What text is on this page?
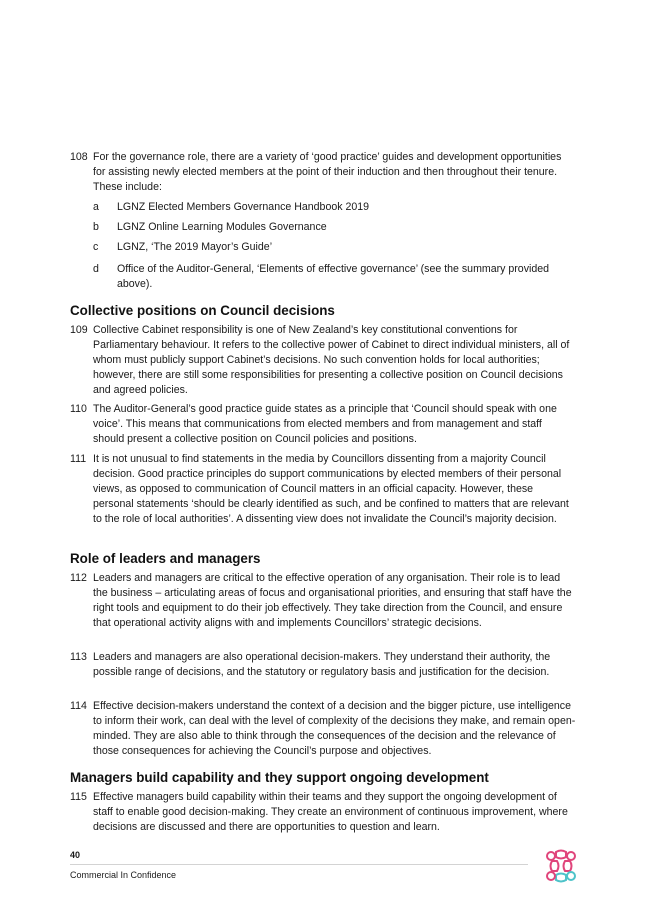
108 For the governance role, there are a variety of ‘good practice’ guides and development opportunities for assisting newly elected members at the point of their induction and then throughout their tenure. These include:
a LGNZ Elected Members Governance Handbook 2019
b LGNZ Online Learning Modules Governance
c LGNZ, ‘The 2019 Mayor’s Guide’
d Office of the Auditor-General, ‘Elements of effective governance’ (see the summary provided above).
Collective positions on Council decisions
109 Collective Cabinet responsibility is one of New Zealand’s key constitutional conventions for Parliamentary behaviour. It refers to the collective power of Cabinet to direct individual ministers, all of whom must publicly support Cabinet’s decisions. No such convention holds for local authorities; however, there are still some responsibilities for presenting a collective position on Council decisions and agreed policies.
110 The Auditor-General’s good practice guide states as a principle that ‘Council should speak with one voice’. This means that communications from elected members and from management and staff should present a collective position on Council policies and positions.
111 It is not unusual to find statements in the media by Councillors dissenting from a majority Council decision. Good practice principles do support communications by elected members of their personal views, as opposed to communication of Council matters in an official capacity. However, these personal statements ‘should be clearly identified as such, and be confined to matters that are relevant to the role of local authorities’. A dissenting view does not invalidate the Council’s majority decision.
Role of leaders and managers
112 Leaders and managers are critical to the effective operation of any organisation. Their role is to lead the business – articulating areas of focus and organisational priorities, and ensuring that staff have the right tools and equipment to do their job effectively. They take direction from the Council, and ensure that operational activity aligns with and implements Councillors’ strategic decisions.
113 Leaders and managers are also operational decision-makers. They understand their authority, the possible range of decisions, and the statutory or regulatory basis and justification for the decision.
114 Effective decision-makers understand the context of a decision and the bigger picture, use intelligence to inform their work, can deal with the level of complexity of the decisions they make, and remain open-minded. They are also able to think through the consequences of the decision and the relevance of those consequences for achieving the Council’s purpose and objectives.
Managers build capability and they support ongoing development
115 Effective managers build capability within their teams and they support the ongoing development of staff to enable good decision-making. They create an environment of continuous improvement, where decisions are discussed and there are opportunities to question and learn.
40
Commercial In Confidence
